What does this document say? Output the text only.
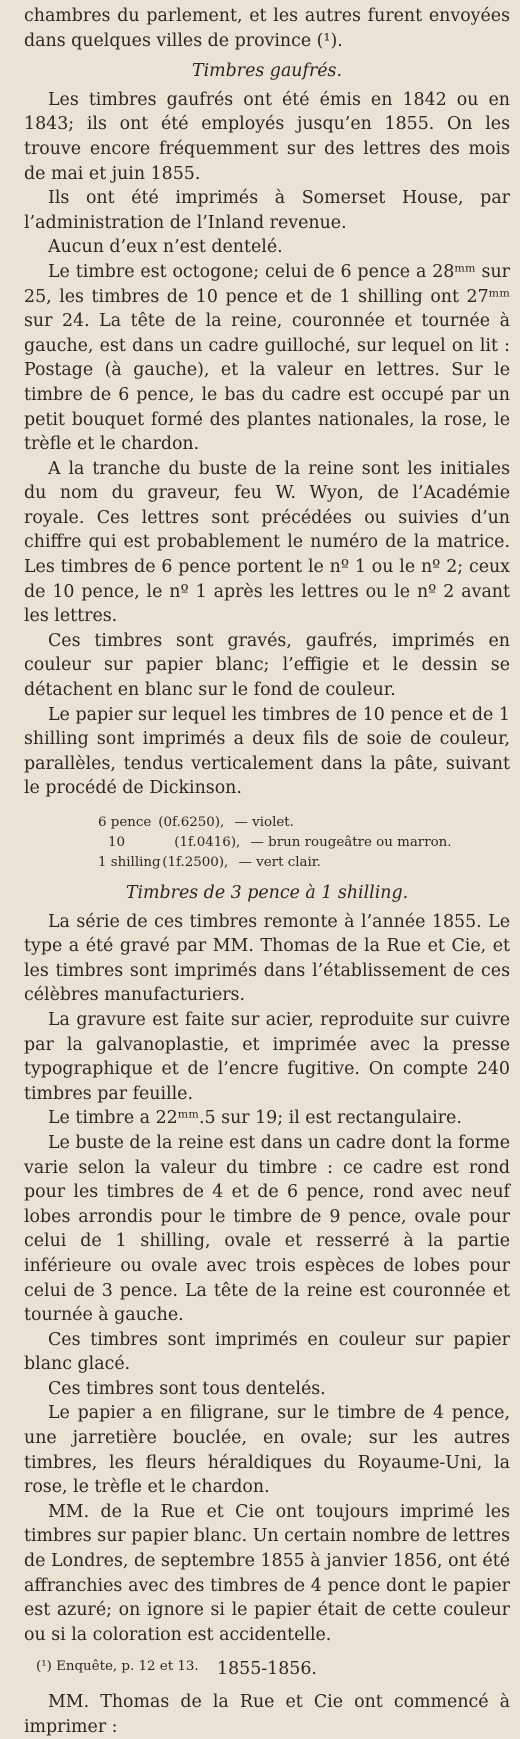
chambres du parlement, et les autres furent envoyées dans quelques villes de province (¹).

Timbres gaufrés.

Les timbres gaufrés ont été émis en 1842 ou en 1843; ils ont été employés jusqu’en 1855. On les trouve encore fréquemment sur des lettres des mois de mai et juin 1855.

Ils ont été imprimés à Somerset House, par l’administration de l’Inland revenue.

Aucun d’eux n’est dentelé.

Le timbre est octogone; celui de 6 pence a 28ᵐᵐ sur 25, les timbres de 10 pence et de 1 shilling ont 27ᵐᵐ sur 24. La tête de la reine, couronnée et tournée à gauche, est dans un cadre guilloché, sur lequel on lit : Postage (à gauche), et la valeur en lettres. Sur le timbre de 6 pence, le bas du cadre est occupé par un petit bouquet formé des plantes nationales, la rose, le trèfle et le chardon.

A la tranche du buste de la reine sont les initiales du nom du graveur, feu W. Wyon, de l’Académie royale. Ces lettres sont précédées ou suivies d’un chiffre qui est probablement le numéro de la matrice. Les timbres de 6 pence portent le nº 1 ou le nº 2; ceux de 10 pence, le nº 1 après les lettres ou le nº 2 avant les lettres.

Ces timbres sont gravés, gaufrés, imprimés en couleur sur papier blanc; l’effigie et le dessin se détachent en blanc sur le fond de couleur.

Le papier sur lequel les timbres de 10 pence et de 1 shilling sont imprimés a deux fils de soie de couleur, parallèles, tendus verticalement dans la pâte, suivant le procédé de Dickinson.

6 pence (0f.6250), — violet.
10	(1f.0416), — brun rougeâtre ou marron.
1 shilling (1f.2500), — vert clair.

Timbres de 3 pence à 1 shilling.

La série de ces timbres remonte à l’année 1855. Le type a été gravé par MM. Thomas de la Rue et Cie, et les timbres sont imprimés dans l’établissement de ces célèbres manufacturiers.

La gravure est faite sur acier, reproduite sur cuivre par la galvanoplastie, et imprimée avec la presse typographique et de l’encre fugitive. On compte 240 timbres par feuille.

Le timbre a 22ᵐᵐ.5 sur 19; il est rectangulaire.

Le buste de la reine est dans un cadre dont la forme varie selon la valeur du timbre : ce cadre est rond pour les timbres de 4 et de 6 pence, rond avec neuf lobes arrondis pour le timbre de 9 pence, ovale pour celui de 1 shilling, ovale et resserré à la partie inférieure ou ovale avec trois espèces de lobes pour celui de 3 pence. La tête de la reine est couronnée et tournée à gauche.

Ces timbres sont imprimés en couleur sur papier blanc glacé.

Ces timbres sont tous dentelés.

Le papier a en filigrane, sur le timbre de 4 pence, une jarretière bouclée, en ovale; sur les autres timbres, les fleurs héraldiques du Royaume-Uni, la rose, le trèfle et le chardon.

MM. de la Rue et Cie ont toujours imprimé les timbres sur papier blanc. Un certain nombre de lettres de Londres, de septembre 1855 à janvier 1856, ont été affranchies avec des timbres de 4 pence dont le papier est azuré; on ignore si le papier était de cette couleur ou si la coloration est accidentelle.

1855-1856.

MM. Thomas de la Rue et Cie ont commencé à imprimer :

(¹) Enquête, p. 12 et 13.
